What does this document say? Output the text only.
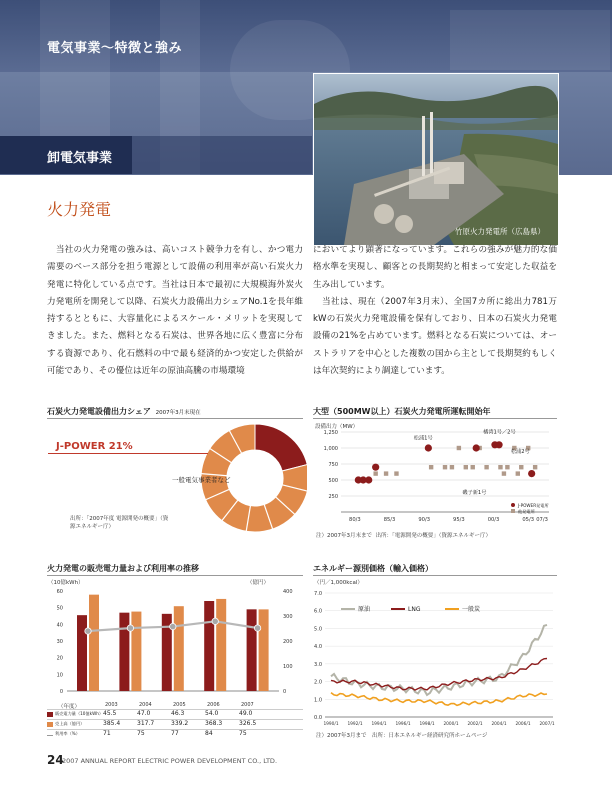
電気事業〜特徴と強み
卸電気事業
竹原火力発電所（広島県）
火力発電
　当社の火力発電の強みは、高いコスト競争力を有し、かつ電力需要のベース部分を担う電源として設備の利用率が高い石炭火力発電に特化している点です。当社は日本で最初に大規模海外炭火力発電所を開発して以降、石炭火力設備出力シェアNo.1を長年維持するとともに、大容量化によるスケール・メリットを実現してきました。また、燃料となる石炭は、世界各地に広く豊富に分布する資源であり、化石燃料の中で最も経済的かつ安定した供給が可能であり、その優位は近年の原油高騰の市場環境
においてより顕著になっています。これらの強みが魅力的な価格水準を実現し、顧客との長期契約と相まって安定した収益を生み出しています。
　当社は、現在（2007年3月末）、全国7カ所に総出力781万kWの石炭火力発電設備を保有しており、日本の石炭火力発電設備の21%を占めています。燃料となる石炭については、オーストラリアを中心とした複数の国から主として長期契約もしくは年次契約により調達しています。
石炭火力発電設備出力シェア 2007年3月末現在
J-POWER 21%
一般電気事業者など
出所：「2007年度 電源開発の概要」（資源エネルギー庁）
大型（500MW以上）石炭火力発電所運転開始年
設備出力（MW）
250
500
750
1,000
1,250
80/3	85/3	90/3	95/3	00/3	05/3 07/3
松浦1号
橘湾1号／2号
松浦2号
磯子新1号
J-POWER発電所
他発電所
注）2007年3月末まで 出所：「電源開発の概要」（資源エネルギー庁）
火力発電の販売電力量および利用率の推移
（10億kWh）	（億円）
0
10
20
30
40
50
60
0
100
200
300
400
（年度）	2003	2004	2005	2006	2007
販売電力量（10億kWh） 45.5	47.0	46.3	54.0	49.0
売上高（億円）	385.4	317.7	339.2	368.3	326.5
利用率（%）	71	75	77	84	75
エネルギー源別価格（輸入価格）
（円／1,000kcal）
0.0
1.0
2.0
3.0
4.0
5.0
6.0
7.0
1990/1 1992/1 1994/1 1996/1 1998/1 2000/1 2002/1 2004/1 2006/1 2007/1
原油	LNG	一般炭
注）2007年3月まで　出所：日本エネルギー経済研究所ホームページ
24
2007 ANNUAL REPORT ELECTRIC POWER DEVELOPMENT CO., LTD.
